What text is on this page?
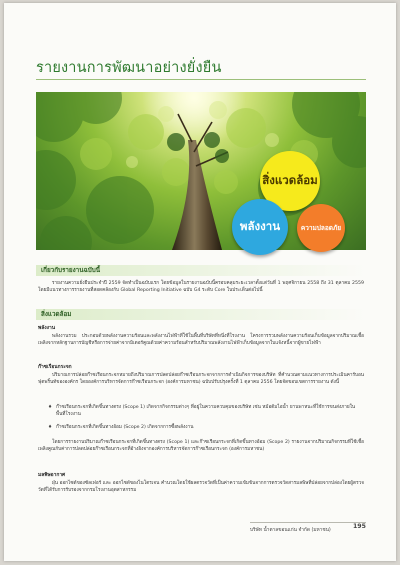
รายงานการพัฒนาอย่างยั่งยืน
สิ่งแวดล้อม
พลังงาน	ความปลอดภัย
เกี่ยวกับรายงานฉบับนี้
รายงานความยั่งยืนประจำปี 2559 จัดทำเป็นฉบับแรก โดยข้อมูลในรายงานฉบับนี้ครอบคลุมระยะเวลาตั้งแต่วันที่ 1 พฤศจิกายน 2558 ถึง 31 ตุลาคม 2559 โดยมีแนวทางการรายงานที่สอดคล้องกับ Global Reporting Initiative ฉบับ G4 ระดับ Core ในประเด็นต่อไปนี้
สิ่งแวดล้อม
พลังงาน
พลังงานรวม ประกอบด้วยพลังงานความร้อนและพลังงานไฟฟ้าที่ใช้ในพื้นที่บริษัทที่หนึ่งที่โรงงาน โครงการรวมพลังงานความร้อนเก็บข้อมูลจากปริมาณเชื้อเพลิงจากหลักฐานการบัญชีหรือการจ่ายค่าจากมิเตอร์คูณด้วยค่าความร้อนสำหรับปริมาณพลังงานไฟฟ้าเก็บข้อมูลจากใบแจ้งหนี้จากผู้ขายไฟฟ้า
ก๊าซเรือนกระจก
ปริมาณการปล่อยก๊าซเรือนกระจกหมายถึงปริมาณการปลดปล่อยก๊าซเรือนกระจกจากการดำเนินกิจการของบริษัท ที่คำนวณตามแนวทางการประเมินคาร์บอนฟุตพริ้นท์ขององค์กร โดยองค์การบริหารจัดการก๊าซเรือนกระจก (องค์การมหาชน) ฉบับปรับปรุงครั้งที่ 1 ตุลาคม 2556 โดยจัดขอบเขตการรายงาน ดังนี้
♦ ก๊าซเรือนกระจกที่เกิดขึ้นทางตรง (Scope 1) เกิดจากกิจกรรมต่างๆ ที่อยู่ในความควบคุมของบริษัท เช่น หม้อต้มไอน้ำ ยานพาหนะที่ใช้การขนส่งภายในพื้นที่โรงงาน
♦ ก๊าซเรือนกระจกที่เกิดขึ้นทางอ้อม (Scope 2) เกิดจากการซื้อพลังงาน
โดยการรายงานปริมาณก๊าซเรือนกระจกที่เกิดขึ้นทางตรง (Scope 1) และก๊าซเรือนกระจกที่เกิดขึ้นทางอ้อม (Scope 2) รายงานจากปริมาณกิจกรรมที่ใช้เชื้อเพลิงคูณกับค่าการปลดปล่อยก๊าซเรือนกระจกที่อ้างอิงจากองค์การบริหารจัดการก๊าซเรือนกระจก (องค์การมหาชน)
มลพิษอากาศ
ฝุ่น ออกไซด์ของซัลเฟอร์ และ ออกไซด์ของไนโตรเจน คำนวณโดยใช้ผลตรวจวัดที่เป็นค่าความเข้มข้นจากการตรวจวัดสารมลพิษที่ปล่อยจากปล่องโดยผู้ตรวจวัดที่ได้รับการรับรองจากกรมโรงงานอุตสาหกรรม
บริษัท น้ำตาลขอนแก่น จำกัด (มหาชน)
195
